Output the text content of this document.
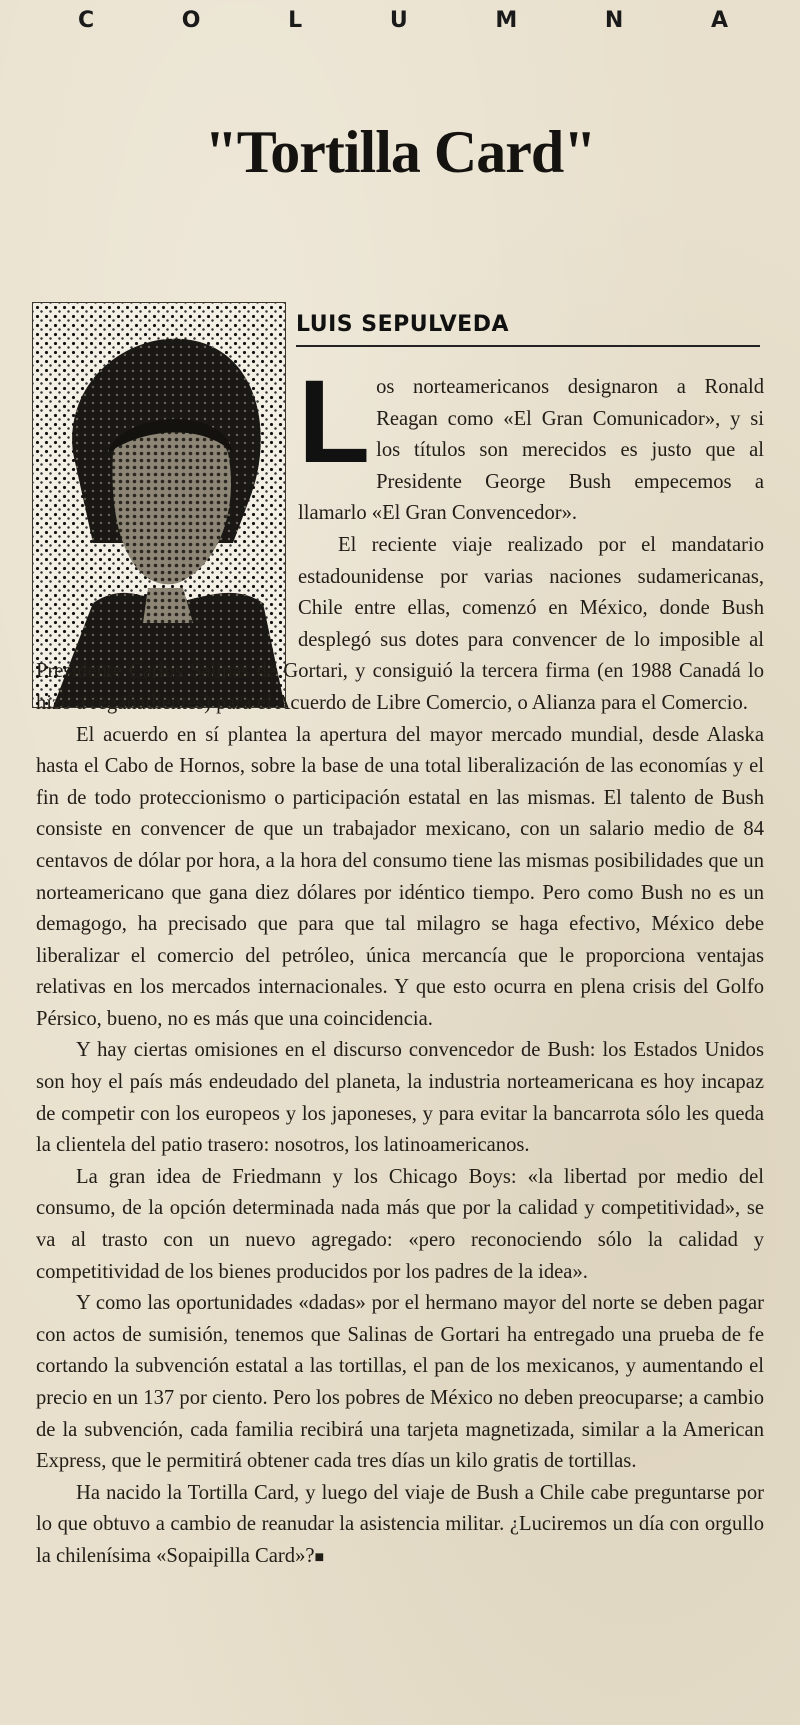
C	O	L	U	M	N	A
"Tortilla Card"

LUIS SEPULVEDA

Los norteamericanos designaron a Ronald Reagan como «El Gran Comunicador», y si los títulos son merecidos es justo que al Presidente George Bush empecemos a llamarlo «El Gran Convencedor».

El reciente viaje realizado por el mandatario estadounidense por varias naciones sudamericanas, Chile entre ellas, comenzó en México, donde Bush desplegó sus dotes para convencer de lo imposible al Presidente Carlos Salinas de Gortari, y consiguió la tercera firma (en 1988 Canadá lo hizo a regañadientes) para el Acuerdo de Libre Comercio, o Alianza para el Comercio.

El acuerdo en sí plantea la apertura del mayor mercado mundial, desde Alaska hasta el Cabo de Hornos, sobre la base de una total liberalización de las economías y el fin de todo proteccionismo o participación estatal en las mismas. El talento de Bush consiste en convencer de que un trabajador mexicano, con un salario medio de 84 centavos de dólar por hora, a la hora del consumo tiene las mismas posibilidades que un norteamericano que gana diez dólares por idéntico tiempo. Pero como Bush no es un demagogo, ha precisado que para que tal milagro se haga efectivo, México debe liberalizar el comercio del petróleo, única mercancía que le proporciona ventajas relativas en los mercados internacionales. Y que esto ocurra en plena crisis del Golfo Pérsico, bueno, no es más que una coincidencia.

Y hay ciertas omisiones en el discurso convencedor de Bush: los Estados Unidos son hoy el país más endeudado del planeta, la industria norteamericana es hoy incapaz de competir con los europeos y los japoneses, y para evitar la bancarrota sólo les queda la clientela del patio trasero: nosotros, los latinoamericanos.

La gran idea de Friedmann y los Chicago Boys: «la libertad por medio del consumo, de la opción determinada nada más que por la calidad y competitividad», se va al trasto con un nuevo agregado: «pero reconociendo sólo la calidad y competitividad de los bienes producidos por los padres de la idea».

Y como las oportunidades «dadas» por el hermano mayor del norte se deben pagar con actos de sumisión, tenemos que Salinas de Gortari ha entregado una prueba de fe cortando la subvención estatal a las tortillas, el pan de los mexicanos, y aumentando el precio en un 137 por ciento. Pero los pobres de México no deben preocuparse; a cambio de la subvención, cada familia recibirá una tarjeta magnetizada, similar a la American Express, que le permitirá obtener cada tres días un kilo gratis de tortillas.

Ha nacido la Tortilla Card, y luego del viaje de Bush a Chile cabe preguntarse por lo que obtuvo a cambio de reanudar la asistencia militar. ¿Luciremos un día con orgullo la chilenísima «Sopaipilla Card»?■
